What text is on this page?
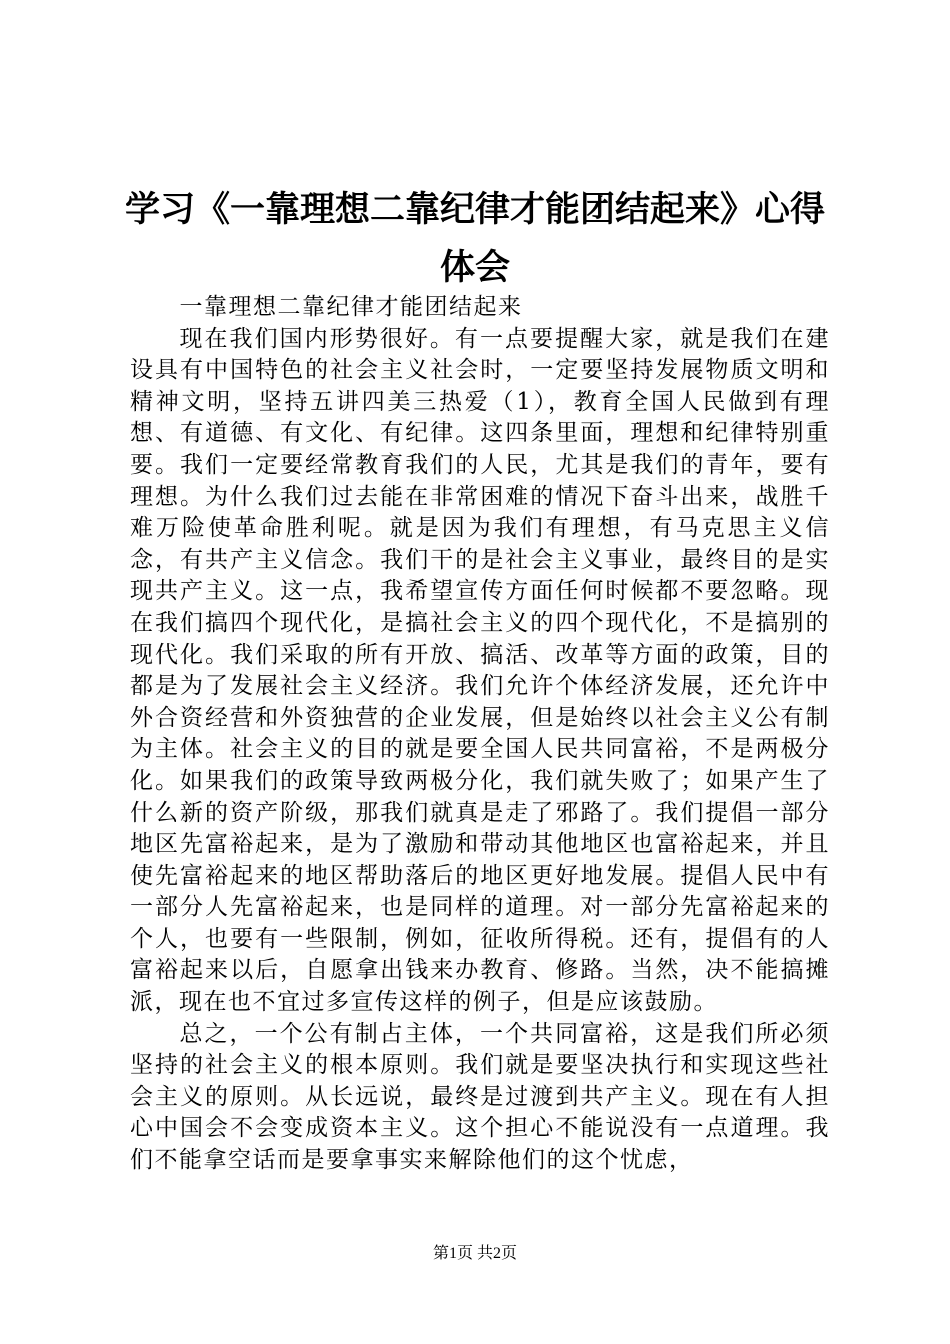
学习《一靠理想二靠纪律才能团结起来》心得体会

一靠理想二靠纪律才能团结起来

现在我们国内形势很好。有一点要提醒大家，就是我们在建设具有中国特色的社会主义社会时，一定要坚持发展物质文明和精神文明，坚持五讲四美三热爱（1），教育全国人民做到有理想、有道德、有文化、有纪律。这四条里面，理想和纪律特别重要。我们一定要经常教育我们的人民，尤其是我们的青年，要有理想。为什么我们过去能在非常困难的情况下奋斗出来，战胜千难万险使革命胜利呢。就是因为我们有理想，有马克思主义信念，有共产主义信念。我们干的是社会主义事业，最终目的是实现共产主义。这一点，我希望宣传方面任何时候都不要忽略。现在我们搞四个现代化，是搞社会主义的四个现代化，不是搞别的现代化。我们采取的所有开放、搞活、改革等方面的政策，目的都是为了发展社会主义经济。我们允许个体经济发展，还允许中外合资经营和外资独营的企业发展，但是始终以社会主义公有制为主体。社会主义的目的就是要全国人民共同富裕，不是两极分化。如果我们的政策导致两极分化，我们就失败了；如果产生了什么新的资产阶级，那我们就真是走了邪路了。我们提倡一部分地区先富裕起来，是为了激励和带动其他地区也富裕起来，并且使先富裕起来的地区帮助落后的地区更好地发展。提倡人民中有一部分人先富裕起来，也是同样的道理。对一部分先富裕起来的个人，也要有一些限制，例如，征收所得税。还有，提倡有的人富裕起来以后，自愿拿出钱来办教育、修路。当然，决不能搞摊派，现在也不宜过多宣传这样的例子，但是应该鼓励。

总之，一个公有制占主体，一个共同富裕，这是我们所必须坚持的社会主义的根本原则。我们就是要坚决执行和实现这些社会主义的原则。从长远说，最终是过渡到共产主义。现在有人担心中国会不会变成资本主义。这个担心不能说没有一点道理。我们不能拿空话而是要拿事实来解除他们的这个忧虑，

第1页 共2页
